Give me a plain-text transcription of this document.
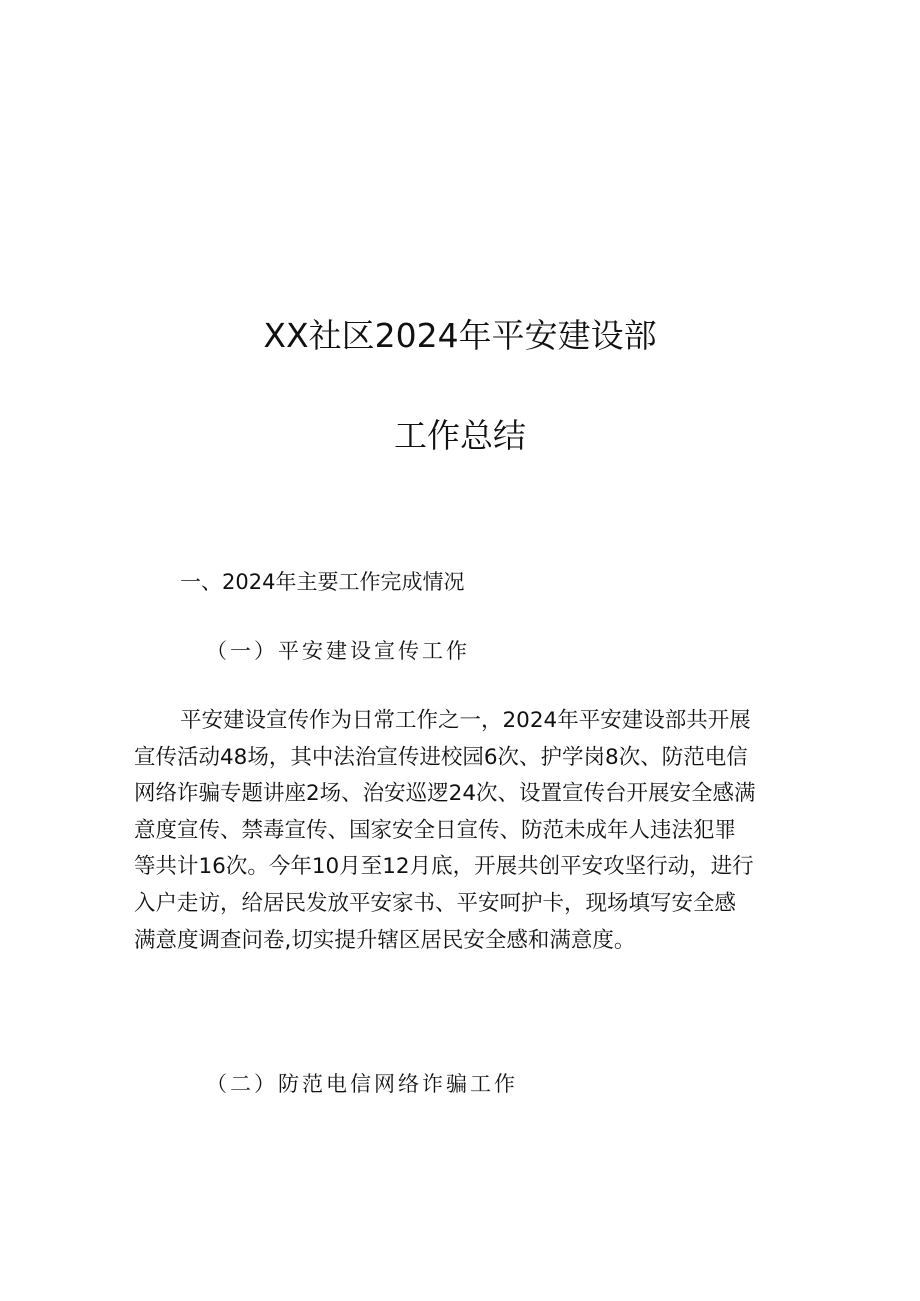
XX社区2024年平安建设部
工作总结
一、2024年主要工作完成情况
（一）平安建设宣传工作
平安建设宣传作为日常工作之一，2024年平安建设部共开展
宣传活动48场，其中法治宣传进校园6次、护学岗8次、防范电信
网络诈骗专题讲座2场、治安巡逻24次、设置宣传台开展安全感满
意度宣传、禁毒宣传、国家安全日宣传、防范未成年人违法犯罪
等共计16次。今年10月至12月底，开展共创平安攻坚行动，进行
入户走访，给居民发放平安家书、平安呵护卡，现场填写安全感
满意度调查问卷,切实提升辖区居民安全感和满意度。
（二）防范电信网络诈骗工作
